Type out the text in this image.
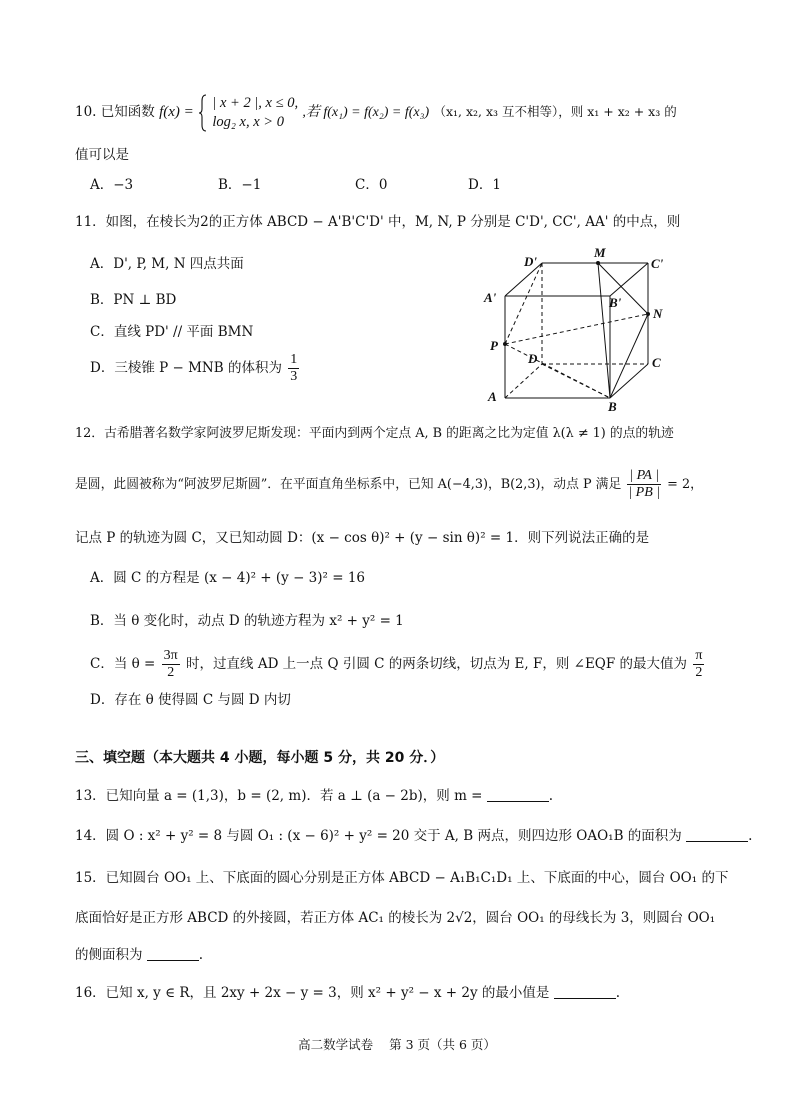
10. 已知函数 f(x) =
| x + 2 |, x ≤ 0,
log₂ x, x > 0
,若 f(x₁) = f(x₂) = f(x₃) （x₁, x₂, x₃ 互不相等），则 x₁ + x₂ + x₃ 的
值可以是
A．−3	B．−1	C．0	D．1
11．如图，在棱长为2的正方体 ABCD − A'B'C'D' 中，M, N, P 分别是 C'D', CC', AA' 的中点，则
A．D', P, M, N 四点共面
B．PN ⊥ BD
C．直线 PD' // 平面 BMN
D．三棱锥 P − MNB 的体积为 $\frac{1}{3}$
D'
M
C'
A'	B'
N
P
D	C
A
B
12．古希腊著名数学家阿波罗尼斯发现：平面内到两个定点 A, B 的距离之比为定值 λ(λ ≠ 1) 的点的轨迹
是圆，此圆被称为“阿波罗尼斯圆”．在平面直角坐标系中，已知 A(−4,3)，B(2,3)，动点 P 满足 $\frac{| PA |}{| PB |} = 2$，
记点 P 的轨迹为圆 C，又已知动圆 D：(x − cos θ)² + (y − sin θ)² = 1．则下列说法正确的是
A．圆 C 的方程是 (x − 4)² + (y − 3)² = 16
B．当 θ 变化时，动点 D 的轨迹方程为 x² + y² = 1
C．当 $\theta = \frac{3\pi}{2}$ 时，过直线 AD 上一点 Q 引圆 C 的两条切线，切点为 E, F，则 ∠EQF 的最大值为 $\frac{\pi}{2}$
D．存在 θ 使得圆 C 与圆 D 内切
三、填空题（本大题共 4 小题，每小题 5 分，共 20 分．）
13．已知向量 a = (1,3)，b = (2, m)．若 a ⊥ (a − 2b)，则 m =	.
14．圆 O : x² + y² = 8 与圆 O₁ : (x − 6)² + y² = 20 交于 A, B 两点，则四边形 OAO₁B 的面积为	.
15．已知圆台 OO₁ 上、下底面的圆心分别是正方体 ABCD − A₁B₁C₁D₁ 上、下底面的中心，圆台 OO₁ 的下
底面恰好是正方形 ABCD 的外接圆，若正方体 AC₁ 的棱长为 2√2，圆台 OO₁ 的母线长为 3，则圆台 OO₁
的侧面积为	.
16．已知 x, y ∈ R，且 2xy + 2x − y = 3，则 x² + y² − x + 2y 的最小值是	.
高二数学试卷 第 3 页（共 6 页）
